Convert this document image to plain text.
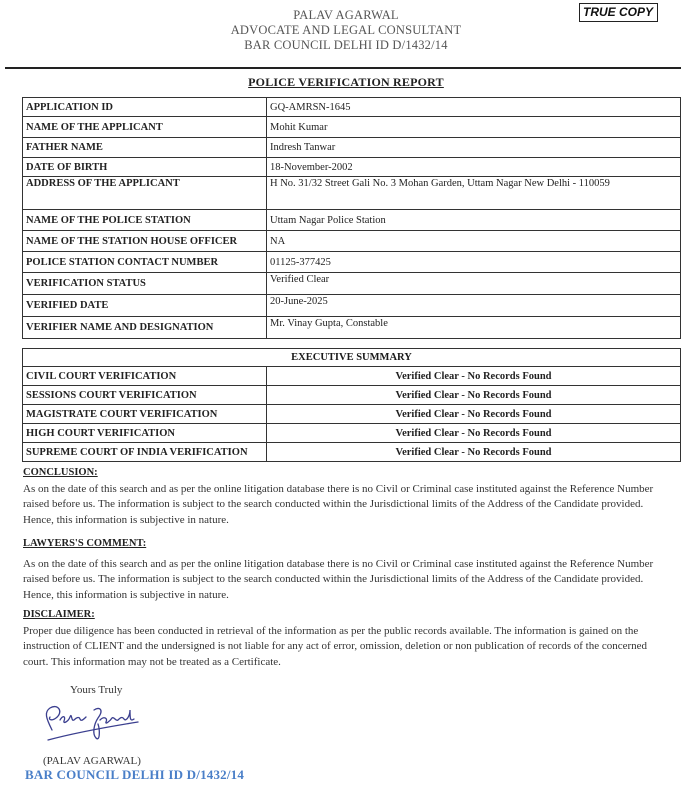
PALAV AGARWAL
ADVOCATE AND LEGAL CONSULTANT
BAR COUNCIL DELHI ID D/1432/14
TRUE COPY
POLICE VERIFICATION REPORT
APPLICATION ID	GQ-AMRSN-1645
NAME OF THE APPLICANT	Mohit Kumar
FATHER NAME	Indresh Tanwar
DATE OF BIRTH	18-November-2002
ADDRESS OF THE APPLICANT	H No. 31/32 Street Gali No. 3 Mohan Garden, Uttam Nagar New Delhi - 110059
NAME OF THE POLICE STATION	Uttam Nagar Police Station
NAME OF THE STATION HOUSE OFFICER	NA
POLICE STATION CONTACT NUMBER	01125-377425
VERIFICATION STATUS	Verified Clear
VERIFIED DATE	20-June-2025
VERIFIER NAME AND DESIGNATION	Mr. Vinay Gupta, Constable
EXECUTIVE SUMMARY	
CIVIL COURT VERIFICATION	Verified Clear - No Records Found
SESSIONS COURT VERIFICATION	Verified Clear - No Records Found
MAGISTRATE COURT VERIFICATION	Verified Clear - No Records Found
HIGH COURT VERIFICATION	Verified Clear - No Records Found
SUPREME COURT OF INDIA VERIFICATION	Verified Clear - No Records Found
CONCLUSION:
As on the date of this search and as per the online litigation database there is no Civil or Criminal case instituted against the Reference Number raised before us. The information is subject to the search conducted within the Jurisdictional limits of the Address of the Candidate provided. Hence, this information is subjective in nature.
LAWYERS'S COMMENT:
As on the date of this search and as per the online litigation database there is no Civil or Criminal case instituted against the Reference Number raised before us. The information is subject to the search conducted within the Jurisdictional limits of the Address of the Candidate provided. Hence, this information is subjective in nature.
DISCLAIMER:
Proper due diligence has been conducted in retrieval of the information as per the public records available. The information is gained on the instruction of CLIENT and the undersigned is not liable for any act of error, omission, deletion or non publication of records of the concerned court. This information may not be treated as a Certificate.
Yours Truly
(PALAV AGARWAL)
BAR COUNCIL DELHI ID D/1432/14
